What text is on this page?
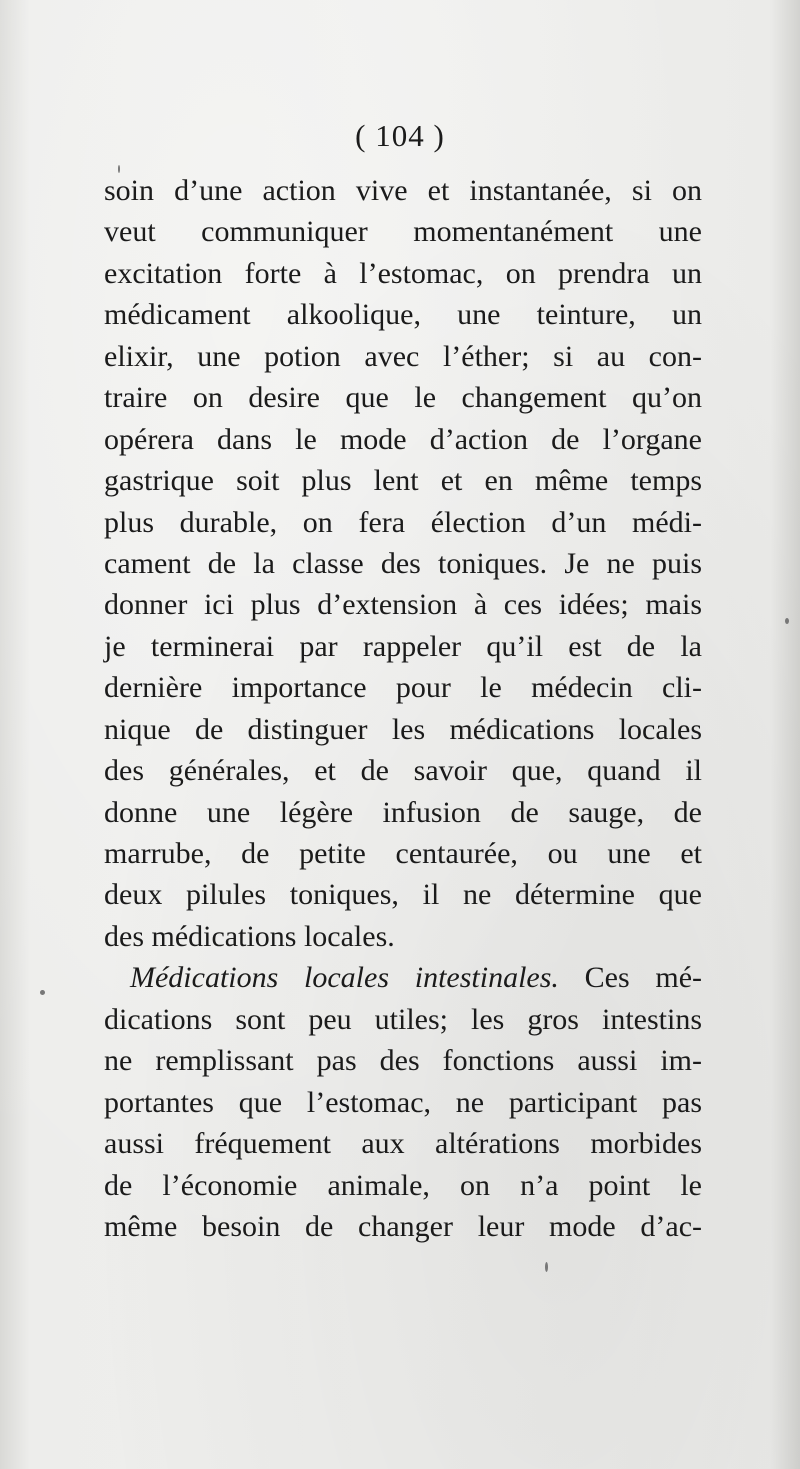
( 104 )
soin d’une action vive et instantanée, si on
veut communiquer momentanément une
excitation forte à l’estomac, on prendra un
médicament alkoolique, une teinture, un
elixir, une potion avec l’éther; si au con-
traire on desire que le changement qu’on
opérera dans le mode d’action de l’organe
gastrique soit plus lent et en même temps
plus durable, on fera élection d’un médi-
cament de la classe des toniques. Je ne puis
donner ici plus d’extension à ces idées; mais
je terminerai par rappeler qu’il est de la
dernière importance pour le médecin cli-
nique de distinguer les médications locales
des générales, et de savoir que, quand il
donne une légère infusion de sauge, de
marrube, de petite centaurée, ou une et
deux pilules toniques, il ne détermine que
des médications locales.
Médications locales intestinales. Ces mé-
dications sont peu utiles; les gros intestins
ne remplissant pas des fonctions aussi im-
portantes que l’estomac, ne participant pas
aussi fréquement aux altérations morbides
de l’économie animale, on n’a point le
même besoin de changer leur mode d’ac-
